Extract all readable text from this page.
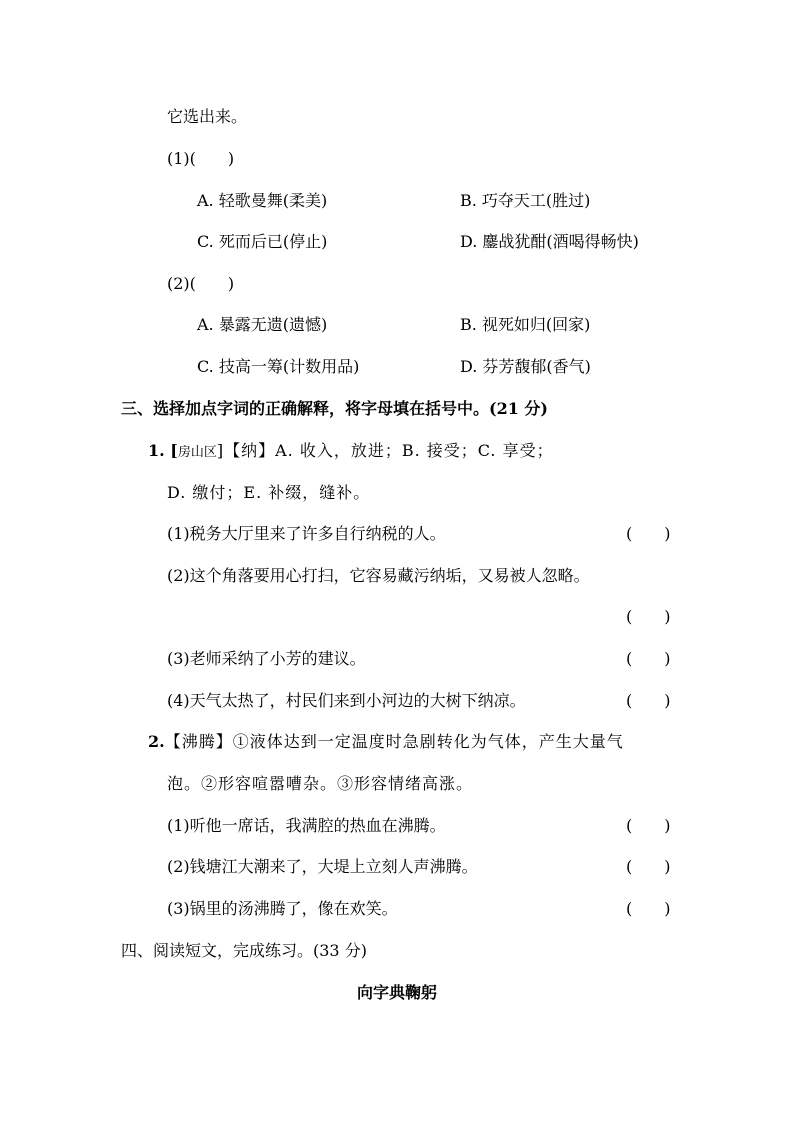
它选出来。
(1)(　　)
A. 轻歌曼舞(柔美)	B. 巧夺天工(胜过)
C. 死而后已(停止)	D. 鏖战犹酣(酒喝得畅快)
(2)(　　)
A. 暴露无遗(遗憾)	B. 视死如归(回家)
C. 技高一筹(计数用品)	D. 芬芳馥郁(香气)
三、选择加点字词的正确解释，将字母填在括号中。(21 分)
1. [房山区]【纳】A. 收入，放进；B. 接受；C. 享受；
D. 缴付；E. 补缀，缝补。
(1)税务大厅里来了许多自行纳税的人。	(　　)
(2)这个角落要用心打扫，它容易藏污纳垢，又易被人忽略。
(　　)
(3)老师采纳了小芳的建议。	(　　)
(4)天气太热了，村民们来到小河边的大树下纳凉。	(　　)
2.【沸腾】①液体达到一定温度时急剧转化为气体，产生大量气
泡。②形容喧嚣嘈杂。③形容情绪高涨。
(1)听他一席话，我满腔的热血在沸腾。	(　　)
(2)钱塘江大潮来了，大堤上立刻人声沸腾。	(　　)
(3)锅里的汤沸腾了，像在欢笑。	(　　)
四、阅读短文，完成练习。(33 分)
向字典鞠躬
